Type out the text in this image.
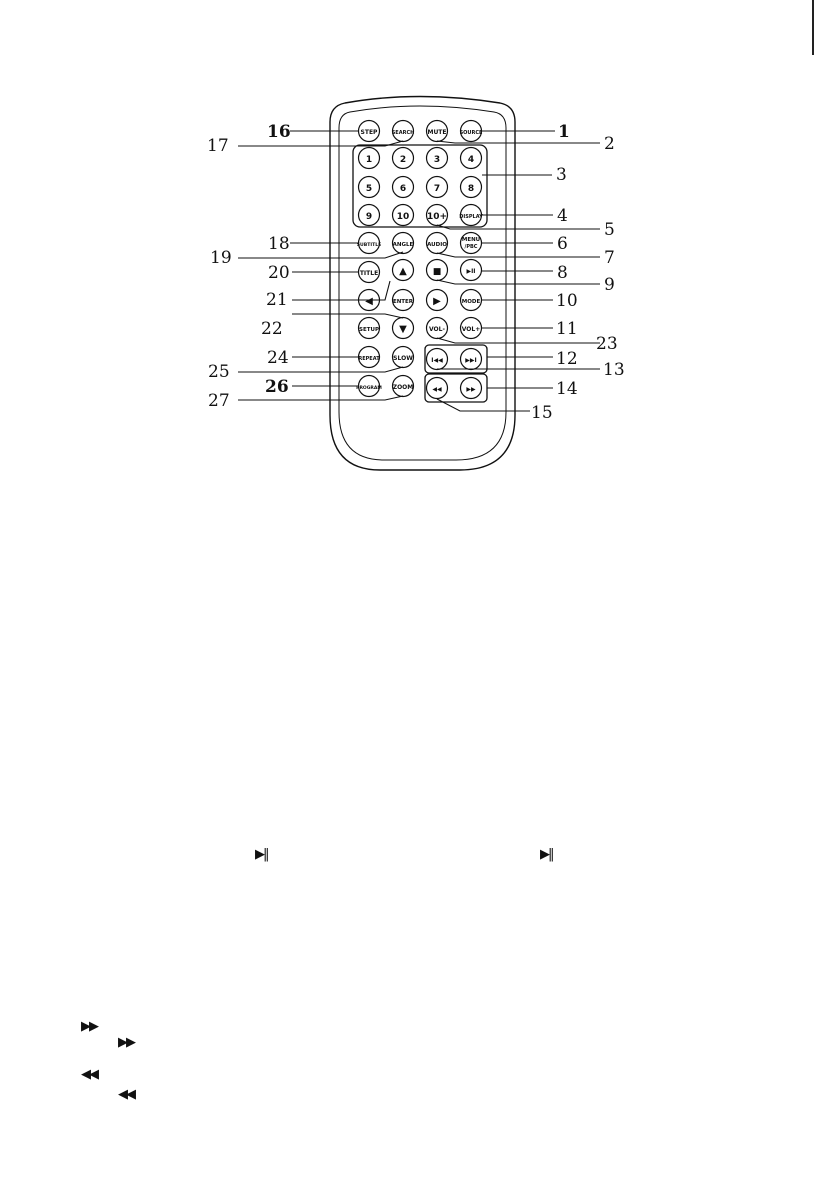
STEP	SEARCH MUTE	SOURCE
1	2	3	4
5	6	7	8
9	10 10+ DISPLAY
SUBTITLE ANGLE	AUDIO
MENU
/PBC
TITLE ▲	■	▶II
◀	ENTER ▶	MODE
SETUP ▼	VOL-	VOL+
REPEAT SLOW	I◀◀	▶▶I
PROGRAM ZOOM	◀◀	▶▶
1
2
3
4
5
6
7
8
9
10
11
23
12
13
14
15
16
17
18
19
20
21
22
24
25
26
27
▶‖	▶‖
▶▶
▶▶
◀◀
◀◀
